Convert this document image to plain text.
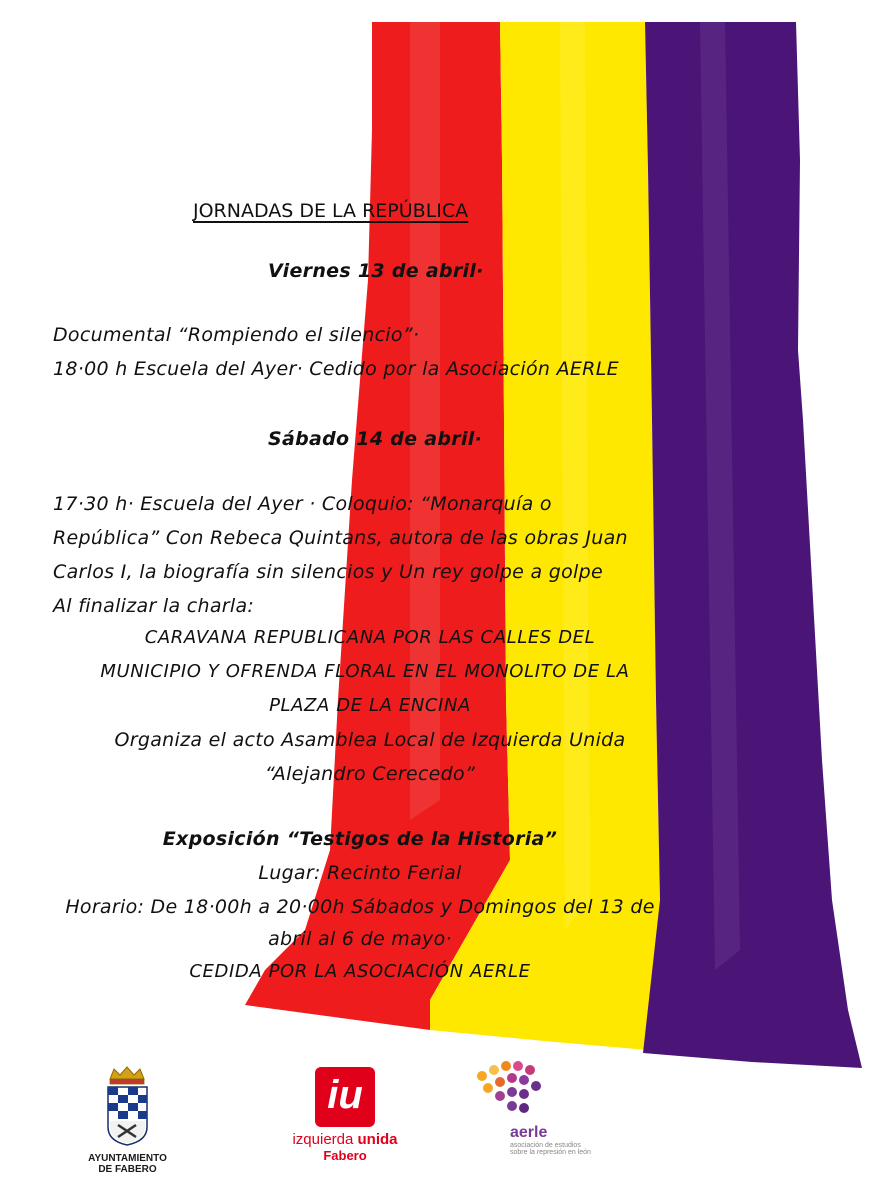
JORNADAS DE LA REPÚBLICA
Viernes 13 de abril·
Documental “Rompiendo el silencio”·
18·00 h Escuela del Ayer· Cedido por la Asociación AERLE
Sábado 14 de abril·
17·30 h· Escuela del Ayer · Coloquio: “Monarquía o
República” Con Rebeca Quintans, autora de las obras Juan
Carlos I, la biografía sin silencios y Un rey golpe a golpe
Al finalizar la charla:
CARAVANA REPUBLICANA POR LAS CALLES DEL
MUNICIPIO Y OFRENDA FLORAL EN EL MONOLITO DE LA
PLAZA DE LA ENCINA
Organiza el acto Asamblea Local de Izquierda Unida
“Alejandro Cerecedo”
Exposición “Testigos de la Historia”
Lugar: Recinto Ferial
Horario: De 18·00h a 20·00h Sábados y Domingos del 13 de
abril al 6 de mayo·
CEDIDA POR LA ASOCIACIÓN AERLE
AYUNTAMIENTO
DE FABERO
iu
izquierda unida
Fabero
aerle
asociación de estudios
sobre la represión en león
